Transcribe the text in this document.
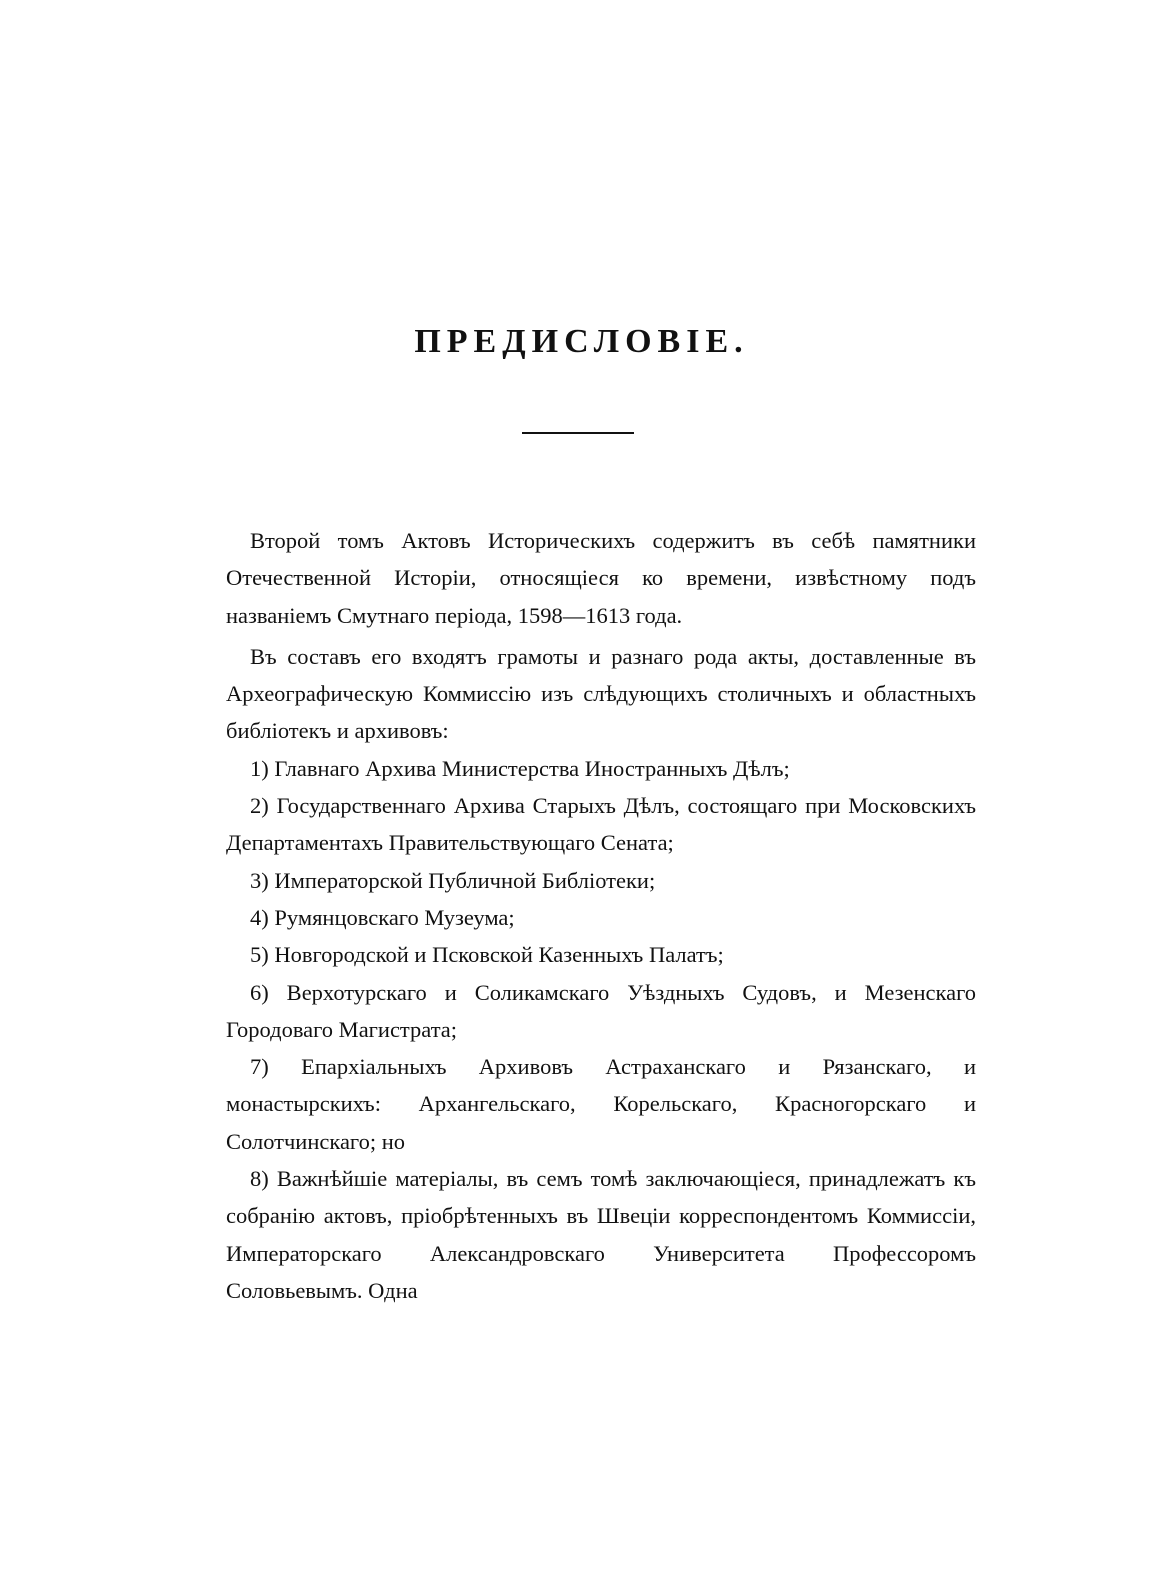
ПРЕДИСЛОВІЕ.

Второй томъ Актовъ Историческихъ содержитъ въ себѣ памятники Отечественной Исторіи, относящіеся ко времени, извѣстному подъ названіемъ Смутнаго періода, 1598—1613 года.

Въ составъ его входятъ грамоты и разнаго рода акты, доставленные въ Археографическую Коммиссію изъ слѣдующихъ столичныхъ и областныхъ библіотекъ и архивовъ:

1) Главнаго Архива Министерства Иностранныхъ Дѣлъ;

2) Государственнаго Архива Старыхъ Дѣлъ, состоящаго при Московскихъ Департаментахъ Правительствующаго Сената;

3) Императорской Публичной Библіотеки;

4) Румянцовскаго Музеума;

5) Новгородской и Псковской Казенныхъ Палатъ;

6) Верхотурскаго и Соликамскаго Уѣздныхъ Судовъ, и Мезенскаго Городоваго Магистрата;

7) Епархіальныхъ Архивовъ Астраханскаго и Рязанскаго, и монастырскихъ: Архангельскаго, Корельскаго, Красногорскаго и Солотчинскаго; но

8) Важнѣйшіе матеріалы, въ семъ томѣ заключающіеся, принадлежатъ къ собранію актовъ, пріобрѣтенныхъ въ Швеціи корреспондентомъ Коммиссіи, Императорскаго Александровскаго Университета Профессоромъ Соловьевымъ. Одна
